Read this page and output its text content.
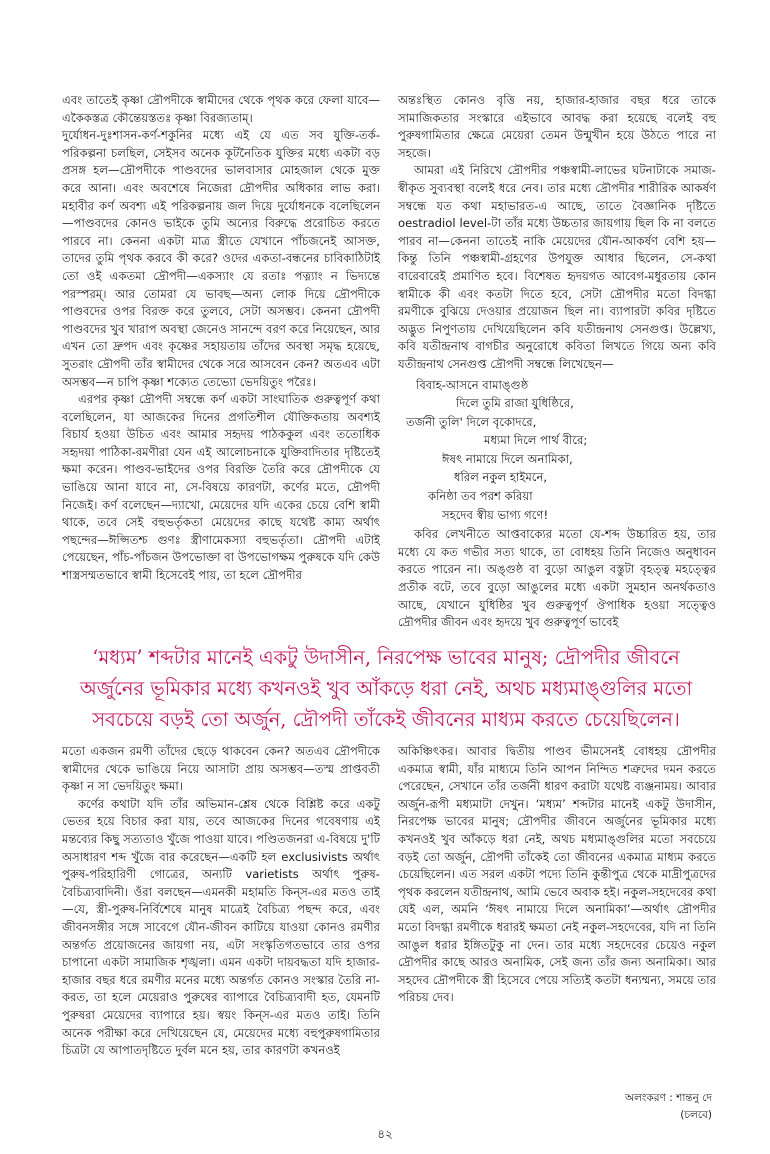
এবং তাতেই কৃষ্ণা দ্রৌপদীকে স্বামীদের থেকে পৃথক করে ফেলা যাবে—একৈকস্তত্র কৌন্তেয়স্ততঃ কৃষ্ণা বিরজ্যতাম্।

দুর্যোধন-দুঃশাসন-কর্ণ-শকুনির মধ্যে এই যে এত সব যুক্তি-তর্ক-পরিকল্পনা চলছিল, সেইসব অনেক কূটনৈতিক যুক্তির মধ্যে একটা বড় প্রসঙ্গ হল—দ্রৌপদীকে পাণ্ডবদের ভালবাসার মোহজাল থেকে মুক্ত করে আনা। এবং অবশেষে নিজেরা দ্রৌপদীর অধিকার লাভ করা। মহাবীর কর্ণ অবশ্য এই পরিকল্পনায় জল দিয়ে দুর্যোধনকে বলেছিলেন—পাণ্ডবদের কোনও ভাইকে তুমি অন্যের বিরুদ্ধে প্ররোচিত করতে পারবে না। কেননা একটা মাত্র স্ত্রীতে যেখানে পাঁচজনেই আসক্ত, তাদের তুমি পৃথক করবে কী করে? ওদের একতা-বন্ধনের চাবিকাঠিটাই তো ওই একতমা দ্রৌপদী—একস্যাং যে রতাঃ পত্ন্যাং ন ভিদ্যন্তে পরস্পরম্। আর তোমরা যে ভাবছ—অন্য লোক দিয়ে দ্রৌপদীকে পাণ্ডবদের ওপর বিরক্ত করে তুলবে, সেটা অসম্ভব। কেননা দ্রৌপদী পাণ্ডবদের খুব খারাপ অবস্থা জেনেও সানন্দে বরণ করে নিয়েছেন, আর এখন তো দ্রুপদ এবং কৃষ্ণের সহায়তায় তাঁদের অবস্থা সমৃদ্ধ হয়েছে, সুতরাং দ্রৌপদী তাঁর স্বামীদের থেকে সরে আসবেন কেন? অতএব এটা অসম্ভব—ন চাপি কৃষ্ণা শক্যেত তেভ্যো ভেদয়িতুং পরৈঃ।

এরপর কৃষ্ণা দ্রৌপদী সম্বন্ধে কর্ণ একটা সাংঘাতিক গুরুত্বপূর্ণ কথা বলেছিলেন, যা আজকের দিনের প্রগতিশীল যৌক্তিকতায় অবশ্যই বিচার্য হওয়া উচিত এবং আমার সহৃদয় পাঠককুল এবং ততোধিক সহৃদয়া পাঠিকা-রমণীরা যেন এই আলোচনাকে যুক্তিবাদিতার দৃষ্টিতেই ক্ষমা করেন। পাণ্ডব-ভাইদের ওপর বিরক্তি তৈরি করে দ্রৌপদীকে যে ভাঙিয়ে আনা যাবে না, সে-বিষয়ে কারণটা, কর্ণের মতে, দ্রৌপদী নিজেই। কর্ণ বলেছেন—দ্যাখো, মেয়েদের যদি একের চেয়ে বেশি স্বামী থাকে, তবে সেই বহুভর্তৃকতা মেয়েদের কাছে যথেষ্ট কাম্য অর্থাৎ পছন্দের—ঈপ্সিতশ্চ গুণঃ স্ত্রীণামেকস্যা বহুভর্তৃতা। দ্রৌপদী এটাই পেয়েছেন, পাঁচ-পাঁচজন উপভোক্তা বা উপভোগক্ষম পুরুষকে যদি কেউ শাস্ত্রসম্মতভাবে স্বামী হিসেবেই পায়, তা হলে দ্রৌপদীর

অন্তঃস্থিত কোনও বৃত্তি নয়, হাজার-হাজার বছর ধরে তাকে সামাজিকতার সংস্কারে এইভাবে আবদ্ধ করা হয়েছে বলেই বহু পুরুষগামিতার ক্ষেত্রে মেয়েরা তেমন উন্মুখীন হয়ে উঠতে পারে না সহজে।

আমরা এই নিরিখে দ্রৌপদীর পঞ্চস্বামী-লাভের ঘটনাটাকে সমাজ-স্বীকৃত সুব্যবস্থা বলেই ধরে নেব। তার মধ্যে দ্রৌপদীর শারীরিক আকর্ষণ সম্বন্ধে যত কথা মহাভারত-এ আছে, তাতে বৈজ্ঞানিক দৃষ্টিতে oestradiol level-টা তাঁর মধ্যে উচ্চতার জায়গায় ছিল কি না বলতে পারব না—কেননা তাতেই নাকি মেয়েদের যৌন-আকর্ষণ বেশি হয়—কিন্তু তিনি পঞ্চস্বামী-গ্রহণের উপযুক্ত আধার ছিলেন, সে-কথা বারেবারেই প্রমাণিত হবে। বিশেষত হৃদয়গত আবেগ-মধুরতায় কোন স্বামীকে কী এবং কতটা দিতে হবে, সেটা দ্রৌপদীর মতো বিদগ্ধা রমণীকে বুঝিয়ে দেওয়ার প্রয়োজন ছিল না। ব্যাপারটা কবির দৃষ্টিতে অদ্ভুত নিপুণতায় দেখিয়েছিলেন কবি যতীন্দ্রনাথ সেনগুপ্ত। উল্লেখ্য, কবি যতীন্দ্রনাথ বাগচীর অনুরোধে কবিতা লিখতে গিয়ে অন্য কবি যতীন্দ্রনাথ সেনগুপ্ত দ্রৌপদী সম্বন্ধে লিখেছেন—

বিবাহ-আসনে বামাঙ্গুষ্ঠ
দিলে তুমি রাজা যুধিষ্ঠিরে,
তর্জনী তুলি' দিলে বৃকোদরে,
মধ্যমা দিলে পার্থ বীরে;
ঈষৎ নামায়ে দিলে অনামিকা,
ধরিল নকুল হাইমনে,
কনিষ্ঠা তব পরশ করিয়া
সহদেব স্বীয় ভাগ্য গণে!

কবির লেখনীতে আপ্তবাক্যের মতো যে-শব্দ উচ্চারিত হয়, তার মধ্যে যে কত গভীর সত্য থাকে, তা বোধহয় তিনি নিজেও অনুধাবন করতে পারেন না। অঙ্গুষ্ঠ বা বুড়ো আঙুল বস্তুটা বৃহত্ত্ব মহত্ত্বের প্রতীক বটে, তবে বুড়ো আঙুলের মধ্যে একটা সুমহান অনর্থকতাও আছে, যেখানে যুধিষ্ঠির খুব গুরুত্বপূর্ণ ঔপাধিক হওয়া সত্ত্বেও দ্রৌপদীর জীবন এবং হৃদয়ে খুব গুরুত্বপূর্ণ ভাবেই

‘মধ্যম’ শব্দটার মানেই একটু উদাসীন, নিরপেক্ষ ভাবের মানুষ; দ্রৌপদীর জীবনে
অর্জুনের ভূমিকার মধ্যে কখনওই খুব আঁকড়ে ধরা নেই, অথচ মধ্যমাঙ্গুলির মতো
সবচেয়ে বড়ই তো অর্জুন, দ্রৌপদী তাঁকেই জীবনের মাধ্যম করতে চেয়েছিলেন।

মতো একজন রমণী তাঁদের ছেড়ে থাকবেন কেন? অতএব দ্রৌপদীকে স্বামীদের থেকে ভাঙিয়ে নিয়ে আসাটা প্রায় অসম্ভব—তস্ম প্রাপ্তবতী কৃষ্ণা ন সা ভেদয়িতুং ক্ষমা।

কর্ণের কথাটা যদি তাঁর অভিমান-শ্লেষ থেকে বিশ্লিষ্ট করে একটু ভেতর হয়ে বিচার করা যায়, তবে আজকের দিনের গবেষণায় এই মন্তব্যের কিছু সত্যতাও খুঁজে পাওয়া যাবে। পণ্ডিতজনরা এ-বিষয়ে দু'টি অসাধারণ শব্দ খুঁজে বার করেছেন—একটি হল exclusivists অর্থাৎ পুরুষ-পরিহারিণী গোত্রের, অন্যটি varietists অর্থাৎ পুরুষ-বৈচিত্র্যবাদিনী। ওঁরা বলছেন—এমনকী মহামতি কিন্‌স-এর মতও তাই—যে, স্ত্রী-পুরুষ-নির্বিশেষে মানুষ মাত্রেই বৈচিত্র্য পছন্দ করে, এবং জীবনসঙ্গীর সঙ্গে সাবেগে যৌন-জীবন কাটিয়ে যাওয়া কোনও রমণীর অন্তর্গত প্রয়োজনের জায়গা নয়, এটা সংস্কৃতিগতভাবে তার ওপর চাপানো একটা সামাজিক শৃঙ্খলা। এমন একটা দায়বদ্ধতা যদি হাজার-হাজার বছর ধরে রমণীর মনের মধ্যে অন্তর্গত কোনও সংস্কার তৈরি না-করত, তা হলে মেয়েরাও পুরুষের ব্যাপারে বৈচিত্র্যবাদী হত, যেমনটি পুরুষরা মেয়েদের ব্যাপারে হয়। স্বয়ং কিন্‌স-এর মতও তাই। তিনি অনেক পরীক্ষা করে দেখিয়েছেন যে, মেয়েদের মধ্যে বহুপুরুষগামিতার চিত্রটা যে আপাতদৃষ্টিতে দুর্বল মনে হয়, তার কারণটা কখনওই

অকিঞ্চিৎকর। আবার দ্বিতীয় পাণ্ডব ভীমসেনই বোধহয় দ্রৌপদীর একমাত্র স্বামী, যাঁর মাধ্যমে তিনি আপন নিন্দিত শত্রুদের দমন করতে পেরেছেন, সেখানে তাঁর তর্জনী ধারণ করাটা যথেষ্ট ব্যঞ্জনাময়। আবার অর্জুন-রূপী মধ্যমাটা দেখুন। ‘মধ্যম’ শব্দটার মানেই একটু উদাসীন, নিরপেক্ষ ভাবের মানুষ; দ্রৌপদীর জীবনে অর্জুনের ভূমিকার মধ্যে কখনওই খুব আঁকড়ে ধরা নেই, অথচ মধ্যমাঙ্গুলির মতো সবচেয়ে বড়ই তো অর্জুন, দ্রৌপদী তাঁকেই তো জীবনের একমাত্র মাধ্যম করতে চেয়েছিলেন। এত সরল একটা পদ্যে তিনি কুন্তীপুত্র থেকে মাদ্রীপুত্রদের পৃথক করলেন যতীন্দ্রনাথ, আমি ভেবে অবাক হই। নকুল-সহদেবের কথা যেই এল, অমনি ‘ঈষৎ নামায়ে দিলে অনামিকা’—অর্থাৎ দ্রৌপদীর মতো বিদগ্ধা রমণীকে ধরারই ক্ষমতা নেই নকুল-সহদেবের, যদি না তিনি আঙুল ধরার ইঙ্গিতটুকু না দেন। তার মধ্যে সহদেবের চেয়েও নকুল দ্রৌপদীর কাছে আরও অনামিক, সেই জন্য তাঁর জন্য অনামিকা। আর সহদেব দ্রৌপদীকে স্ত্রী হিসেবে পেয়ে সত্যিই কতটা ধন্যম্মন্য, সময়ে তার পরিচয় দেব।

অলংকরণ : শান্তনু দে
(চলবে)
৪২
